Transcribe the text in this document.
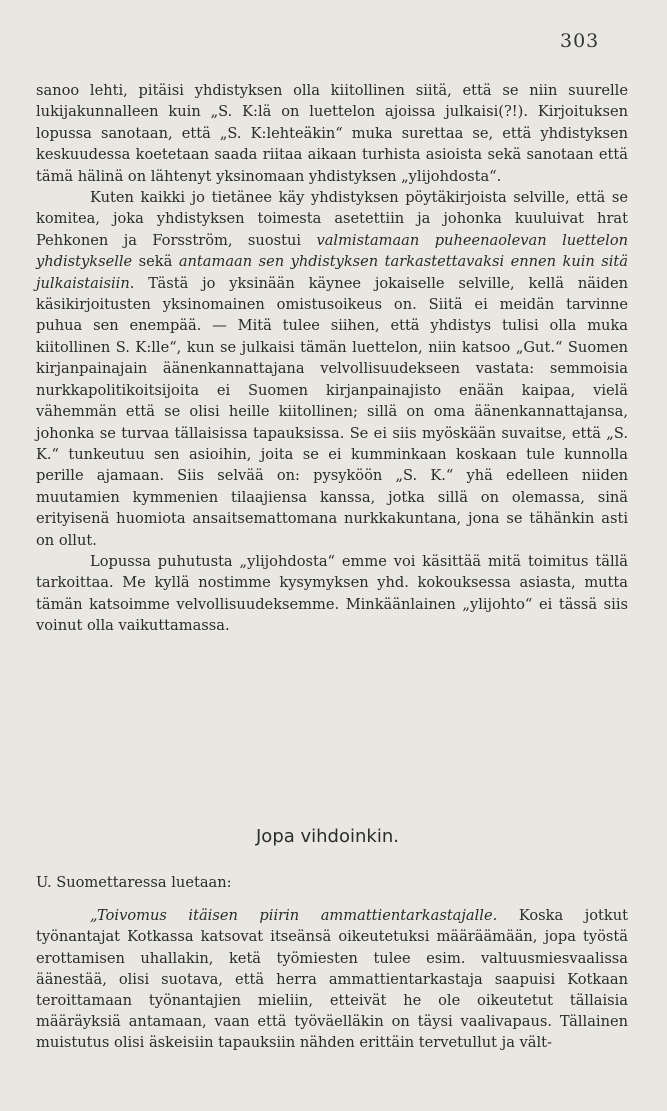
303

sanoo lehti, pitäisi yhdistyksen olla kiitollinen siitä, että se niin suurelle lukijakunnalleen kuin „S. K:lä on luettelon ajoissa julkaisi(?!). Kirjoituksen lopussa sanotaan, että „S. K:lehteäkin“ muka surettaa se, että yhdistyksen keskuudessa koetetaan saada riitaa aikaan turhista asioista sekä sanotaan että tämä hälinä on lähtenyt yksinomaan yhdistyksen „ylijohdosta“.

Kuten kaikki jo tietänee käy yhdistyksen pöytäkirjoista selville, että se komitea, joka yhdistyksen toimesta asetettiin ja johonka kuuluivat hrat Pehkonen ja Forsström, suostui valmistamaan puheenaolevan luettelon yhdistykselle sekä antamaan sen yhdistyksen tarkastettavaksi ennen kuin sitä julkaistaisiin. Tästä jo yksinään käynee jokaiselle selville, kellä näiden käsikirjoitusten yksinomainen omistusoikeus on. Siitä ei meidän tarvinne puhua sen enempää. — Mitä tulee siihen, että yhdistys tulisi olla muka kiitollinen S. K:lle“, kun se julkaisi tämän luettelon, niin katsoo „Gut.“ Suomen kirjanpainajain äänenkannattajana velvollisuudekseen vastata: semmoisia nurkkapolitikoitsijoita ei Suomen kirjanpainajisto enään kaipaa, vielä vähemmän että se olisi heille kiitollinen; sillä on oma äänenkannattajansa, johonka se turvaa tällaisissa tapauksissa. Se ei siis myöskään suvaitse, että „S. K.“ tunkeutuu sen asioihin, joita se ei kumminkaan koskaan tule kunnolla perille ajamaan. Siis selvää on: pysyköön „S. K.“ yhä edelleen niiden muutamien kymmenien tilaajiensa kanssa, jotka sillä on olemassa, sinä erityisenä huomiota ansaitsemattomana nurkkakuntana, jona se tähänkin asti on ollut.

Lopussa puhutusta „ylijohdosta“ emme voi käsittää mitä toimitus tällä tarkoittaa. Me kyllä nostimme kysymyksen yhd. kokouksessa asiasta, mutta tämän katsoimme velvollisuudeksemme. Minkäänlainen „ylijohto“ ei tässä siis voinut olla vaikuttamassa.

Jopa vihdoinkin.

U. Suomettaressa luetaan:

„Toivomus itäisen piirin ammattientarkastajalle. Koska jotkut työnantajat Kotkassa katsovat itseänsä oikeutetuksi määräämään, jopa työstä erottamisen uhallakin, ketä työmiesten tulee esim. valtuusmiesvaalissa äänestää, olisi suotava, että herra ammattientarkastaja saapuisi Kotkaan teroittamaan työnantajien mieliin, etteivät he ole oikeutetut tällaisia määräyksiä antamaan, vaan että työväelläkin on täysi vaalivapaus. Tällainen muistutus olisi äskeisiin tapauksiin nähden erittäin tervetullut ja vält-
